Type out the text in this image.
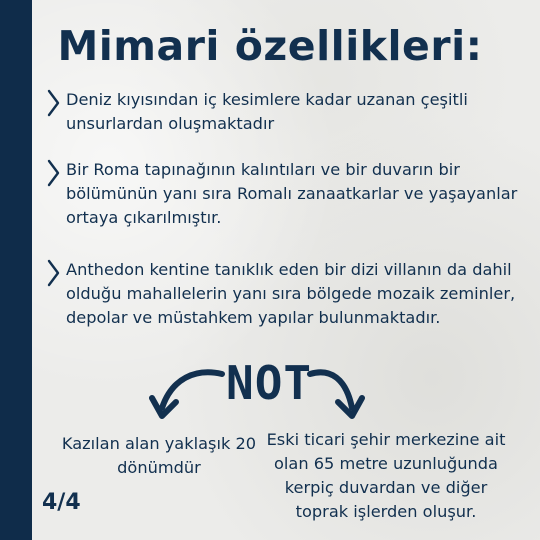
Mimari özellikleri:

Deniz kıyısından iç kesimlere kadar uzanan çeşitli unsurlardan oluşmaktadır

Bir Roma tapınağının kalıntıları ve bir duvarın bir bölümünün yanı sıra Romalı zanaatkarlar ve yaşayanlar ortaya çıkarılmıştır.

Anthedon kentine tanıklık eden bir dizi villanın da dahil olduğu mahallelerin yanı sıra bölgede mozaik zeminler, depolar ve müstahkem yapılar bulunmaktadır.

NOT
Kazılan alan yaklaşık 20 dönümdür
Eski ticari şehir merkezine ait olan 65 metre uzunluğunda kerpiç duvardan ve diğer toprak işlerden oluşur.
4/4
